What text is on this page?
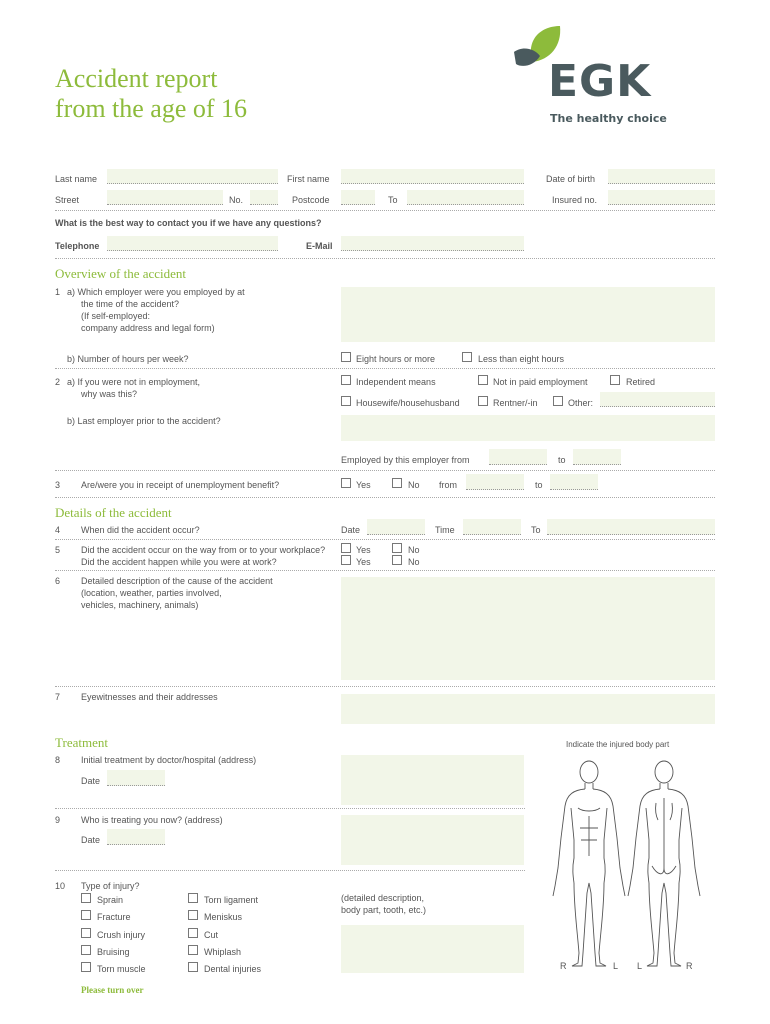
EGK
The healthy choice
Accident report
from the age of 16
Last name	First name	Date of birth
Street	No.	Postcode	To	Insured no.
What is the best way to contact you if we have any questions?
Telephone	E-Mail
Overview of the accident
1 a) Which employer were you employed by at
the time of the accident?
(If self-employed:
company address and legal form)
b) Number of hours per week?	Eight hours or more	Less than eight hours
2 a) If you were not in employment,
why was this?
Independent means	Not in paid employment	Retired
Housewife/househusband	Rentner/-in	Other:
b) Last employer prior to the accident?
Employed by this employer from	to
3 Are/were you in receipt of unemployment benefit?	Yes	No from	to
Details of the accident
4 When did the accident occur?	Date	Time	To
5 Did the accident occur on the way from or to your workplace?
Did the accident happen while you were at work?
Yes	No
Yes	No
6 Detailed description of the cause of the accident
(location, weather, parties involved,
vehicles, machinery, animals)
7 Eyewitnesses and their addresses
Treatment	Indicate the injured body part
8 Initial treatment by doctor/hospital (address)
Date
9 Who is treating you now? (address)
Date
10 Type of injury?
Sprain
Fracture
Crush injury
Bruising
Torn muscle
Torn ligament
Meniskus
Cut
Whiplash
Dental injuries
(detailed description,
body part, tooth, etc.)
R	L L	R
Please turn over
